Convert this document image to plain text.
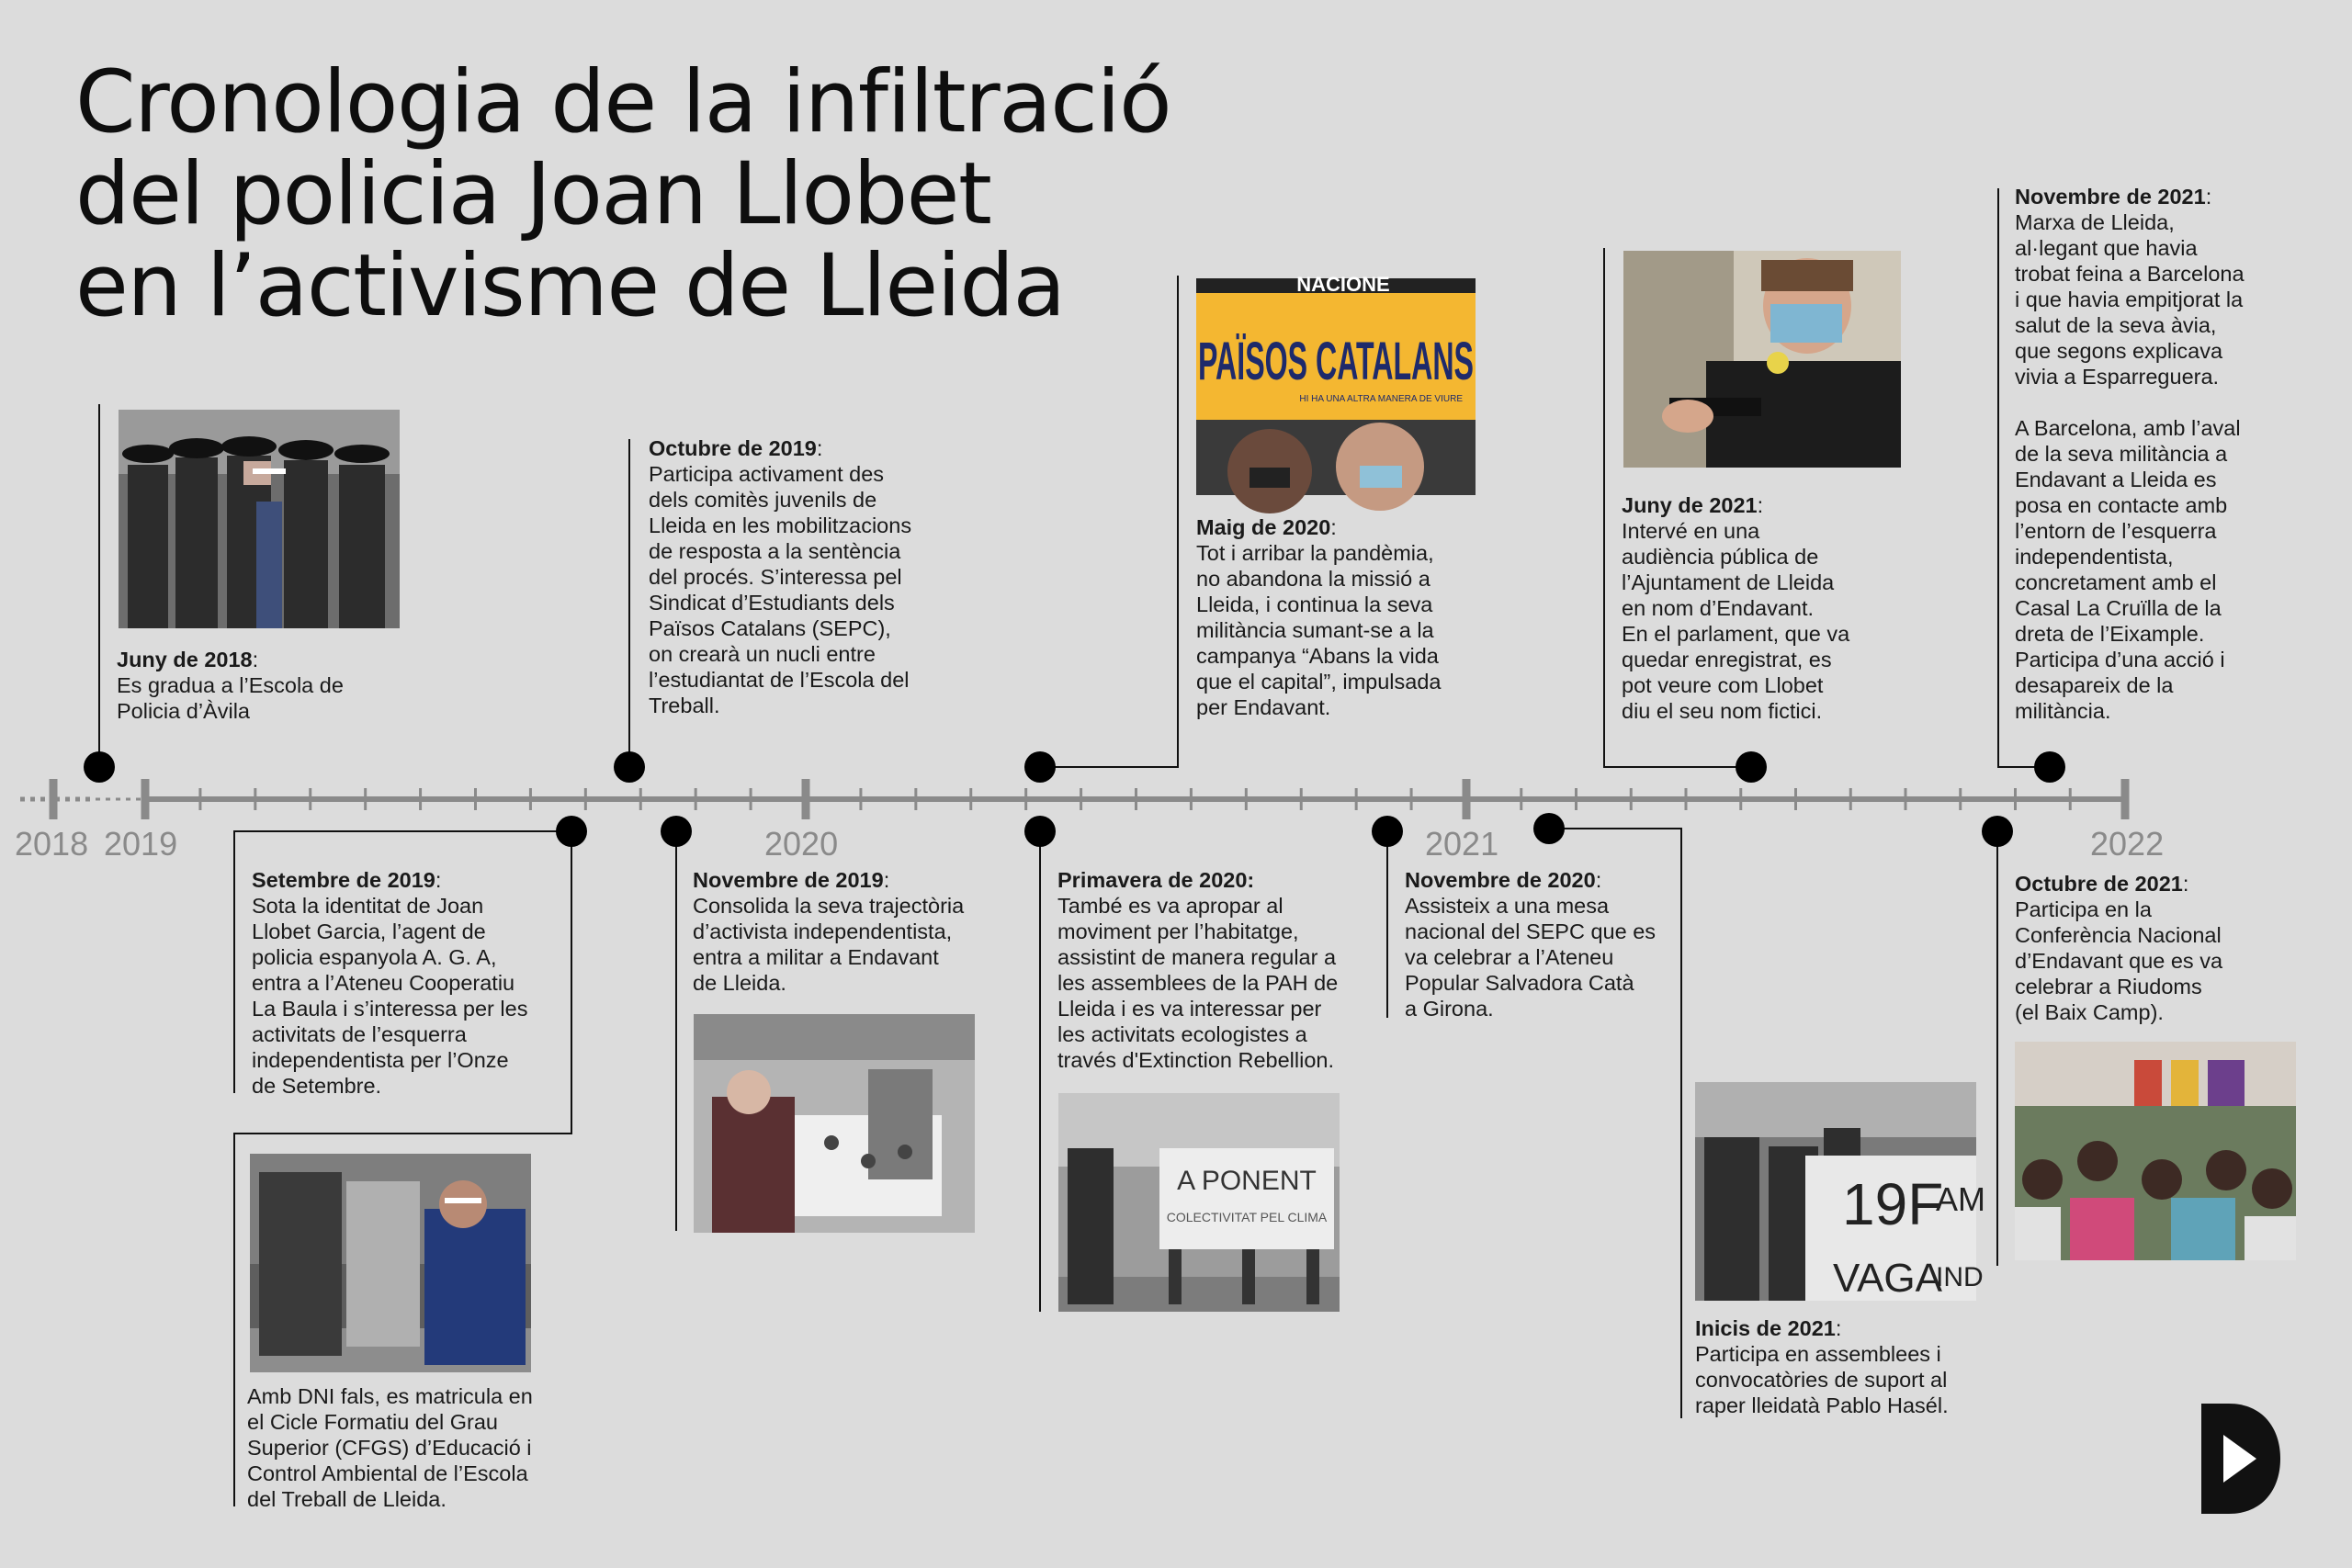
Cronologia de la infiltració
del policia Joan Llobet
en l’activisme de Lleida
2018 2019	2020	2021	2022
NACIONE
PAÏSOS CATALANS
HI HA UNA ALTRA MANERA DE VIURE
A PONENT
COLECTIVITAT PEL CLIMA	19F
VAGA
AM
IND
Juny de 2018:
Es gradua a l’Escola de
Policia d’Àvila
Setembre de 2019:
Sota la identitat de Joan
Llobet Garcia, l’agent de
policia espanyola A. G. A,
entra a l’Ateneu Cooperatiu
La Baula i s’interessa per les
activitats de l’esquerra
independentista per l’Onze
de Setembre.
Amb DNI fals, es matricula en
el Cicle Formatiu del Grau
Superior (CFGS) d’Educació i
Control Ambiental de l’Escola
del Treball de Lleida.
Octubre de 2019:
Participa activament des
dels comitès juvenils de
Lleida en les mobilitzacions
de resposta a la sentència
del procés. S’interessa pel
Sindicat d’Estudiants dels
Països Catalans (SEPC),
on crearà un nucli entre
l’estudiantat de l’Escola del
Treball.
Novembre de 2019:
Consolida la seva trajectòria
d’activista independentista,
entra a militar a Endavant
de Lleida.
Maig de 2020:
Tot i arribar la pandèmia,
no abandona la missió a
Lleida, i continua la seva
militància sumant-se a la
campanya “Abans la vida
que el capital”, impulsada
per Endavant.
Primavera de 2020:
També es va apropar al
moviment per l’habitatge,
assistint de manera regular a
les assemblees de la PAH de
Lleida i es va interessar per
les activitats ecologistes a
través d'Extinction Rebellion.
Novembre de 2020:
Assisteix a una mesa
nacional del SEPC que es
va celebrar a l’Ateneu
Popular Salvadora Catà
a Girona.
Juny de 2021:
Intervé en una
audiència pública de
l’Ajuntament de Lleida
en nom d’Endavant.
En el parlament, que va
quedar enregistrat, es
pot veure com Llobet
diu el seu nom fictici.
Inicis de 2021:
Participa en assemblees i
convocatòries de suport al
raper lleidatà Pablo Hasél.
Novembre de 2021:
Marxa de Lleida,
al·legant que havia
trobat feina a Barcelona
i que havia empitjorat la
salut de la seva àvia,
que segons explicava
vivia a Esparreguera.
A Barcelona, amb l’aval
de la seva militància a
Endavant a Lleida es
posa en contacte amb
l’entorn de l’esquerra
independentista,
concretament amb el
Casal La Cruïlla de la
dreta de l’Eixample.
Participa d’una acció i
desapareix de la
militància.
Octubre de 2021:
Participa en la
Conferència Nacional
d’Endavant que es va
celebrar a Riudoms
(el Baix Camp).
